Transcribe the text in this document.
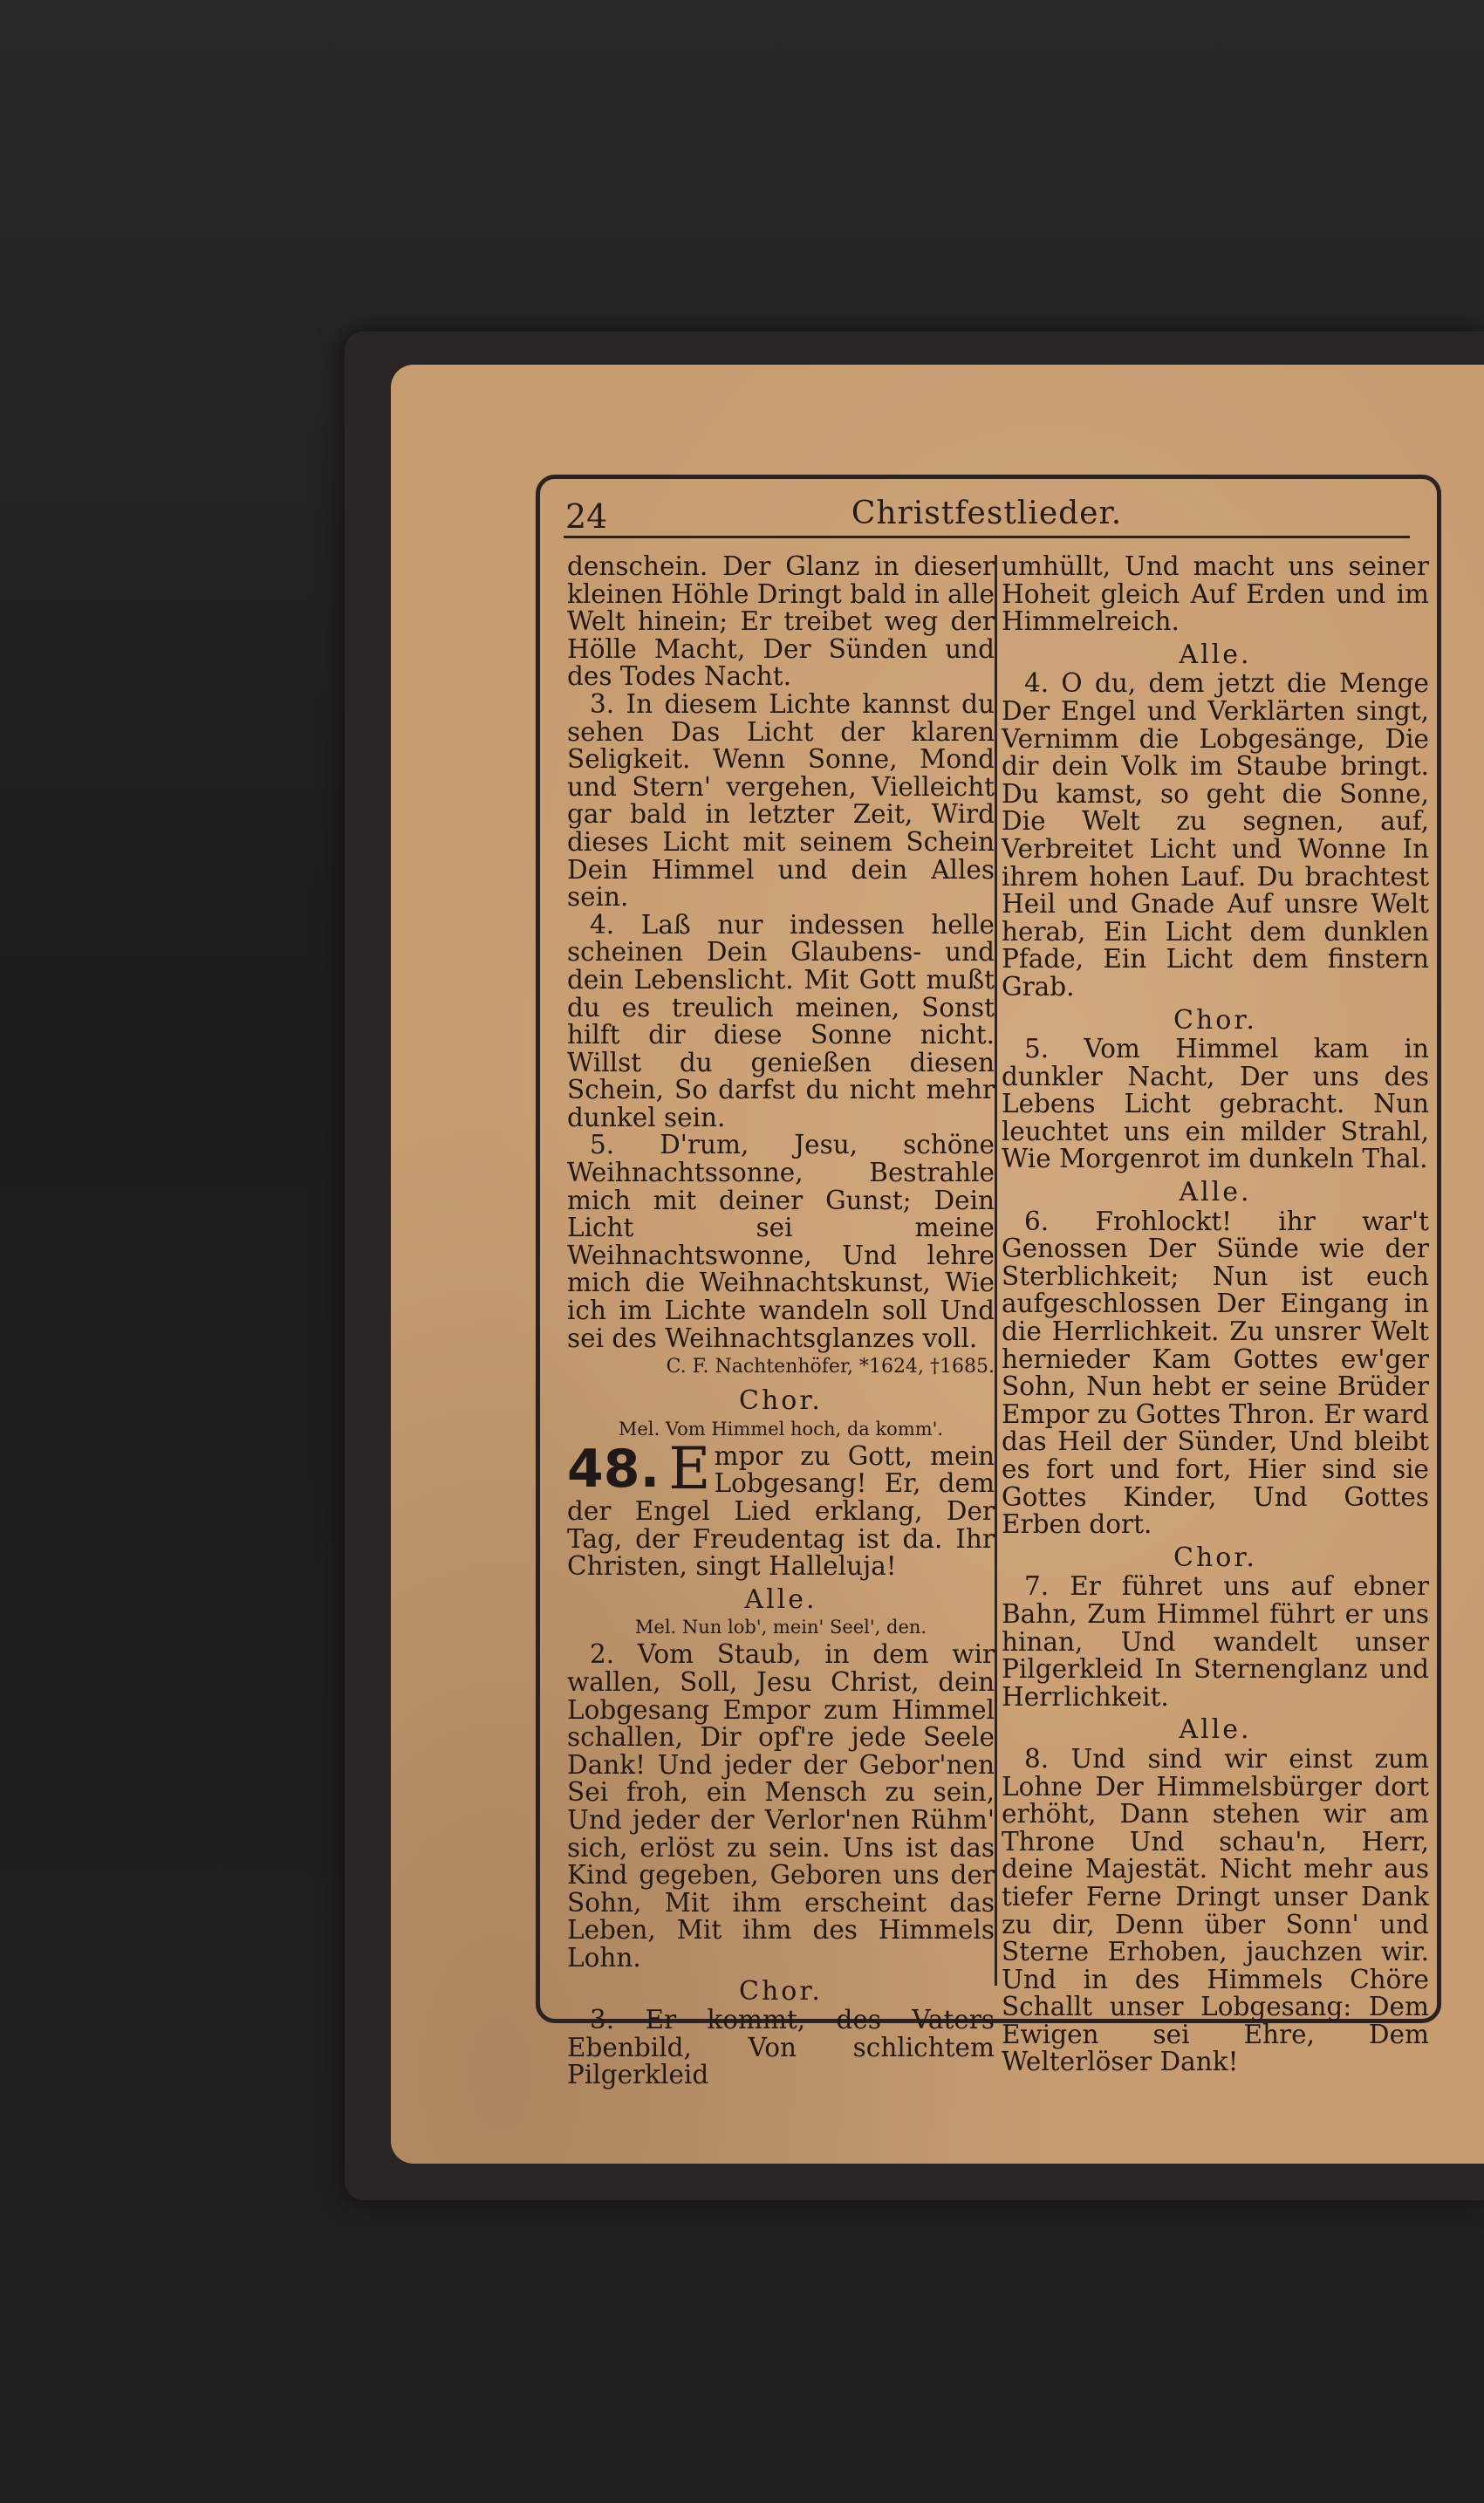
24	Christfestlieder.

denschein. Der Glanz in dieser kleinen Höhle Dringt bald in alle Welt hinein; Er treibet weg der Hölle Macht, Der Sünden und des Todes Nacht.

3. In diesem Lichte kannst du sehen Das Licht der klaren Seligkeit. Wenn Sonne, Mond und Stern' vergehen, Vielleicht gar bald in letzter Zeit, Wird dieses Licht mit seinem Schein Dein Himmel und dein Alles sein.

4. Laß nur indessen helle scheinen Dein Glaubens- und dein Lebenslicht. Mit Gott mußt du es treulich meinen, Sonst hilft dir diese Sonne nicht. Willst du genießen diesen Schein, So darfst du nicht mehr dunkel sein.

5. D'rum, Jesu, schöne Weihnachtssonne, Bestrahle mich mit deiner Gunst; Dein Licht sei meine Weihnachtswonne, Und lehre mich die Weihnachtskunst, Wie ich im Lichte wandeln soll Und sei des Weihnachtsglanzes voll.

C. F. Nachtenhöfer, *1624, †1685.
Chor.
Mel. Vom Himmel hoch, da komm'.
48. E mpor zu Gott, mein Lobgesang! Er, dem der Engel Lied erklang, Der Tag, der Freudentag ist da. Ihr Christen, singt Halleluja!
Alle.
Mel. Nun lob', mein' Seel', den.

2. Vom Staub, in dem wir wallen, Soll, Jesu Christ, dein Lobgesang Empor zum Himmel schallen, Dir opf're jede Seele Dank! Und jeder der Gebor'nen Sei froh, ein Mensch zu sein, Und jeder der Verlor'nen Rühm' sich, erlöst zu sein. Uns ist das Kind gegeben, Geboren uns der Sohn, Mit ihm erscheint das Leben, Mit ihm des Himmels Lohn.

Chor.

3. Er kommt, des Vaters Ebenbild, Von schlichtem Pilgerkleid

umhüllt, Und macht uns seiner Hoheit gleich Auf Erden und im Himmelreich.

Alle.

4. O du, dem jetzt die Menge Der Engel und Verklärten singt, Vernimm die Lobgesänge, Die dir dein Volk im Staube bringt. Du kamst, so geht die Sonne, Die Welt zu segnen, auf, Verbreitet Licht und Wonne In ihrem hohen Lauf. Du brachtest Heil und Gnade Auf unsre Welt herab, Ein Licht dem dunklen Pfade, Ein Licht dem finstern Grab.

Chor.

5. Vom Himmel kam in dunkler Nacht, Der uns des Lebens Licht gebracht. Nun leuchtet uns ein milder Strahl, Wie Morgenrot im dunkeln Thal.

Alle.

6. Frohlockt! ihr war't Genossen Der Sünde wie der Sterblichkeit; Nun ist euch aufgeschlossen Der Eingang in die Herrlichkeit. Zu unsrer Welt hernieder Kam Gottes ew'ger Sohn, Nun hebt er seine Brüder Empor zu Gottes Thron. Er ward das Heil der Sünder, Und bleibt es fort und fort, Hier sind sie Gottes Kinder, Und Gottes Erben dort.

Chor.

7. Er führet uns auf ebner Bahn, Zum Himmel führt er uns hinan, Und wandelt unser Pilgerkleid In Sternenglanz und Herrlichkeit.

Alle.

8. Und sind wir einst zum Lohne Der Himmelsbürger dort erhöht, Dann stehen wir am Throne Und schau'n, Herr, deine Majestät. Nicht mehr aus tiefer Ferne Dringt unser Dank zu dir, Denn über Sonn' und Sterne Erhoben, jauchzen wir. Und in des Himmels Chöre Schallt unser Lobgesang: Dem Ewigen sei Ehre, Dem Welterlöser Dank!
